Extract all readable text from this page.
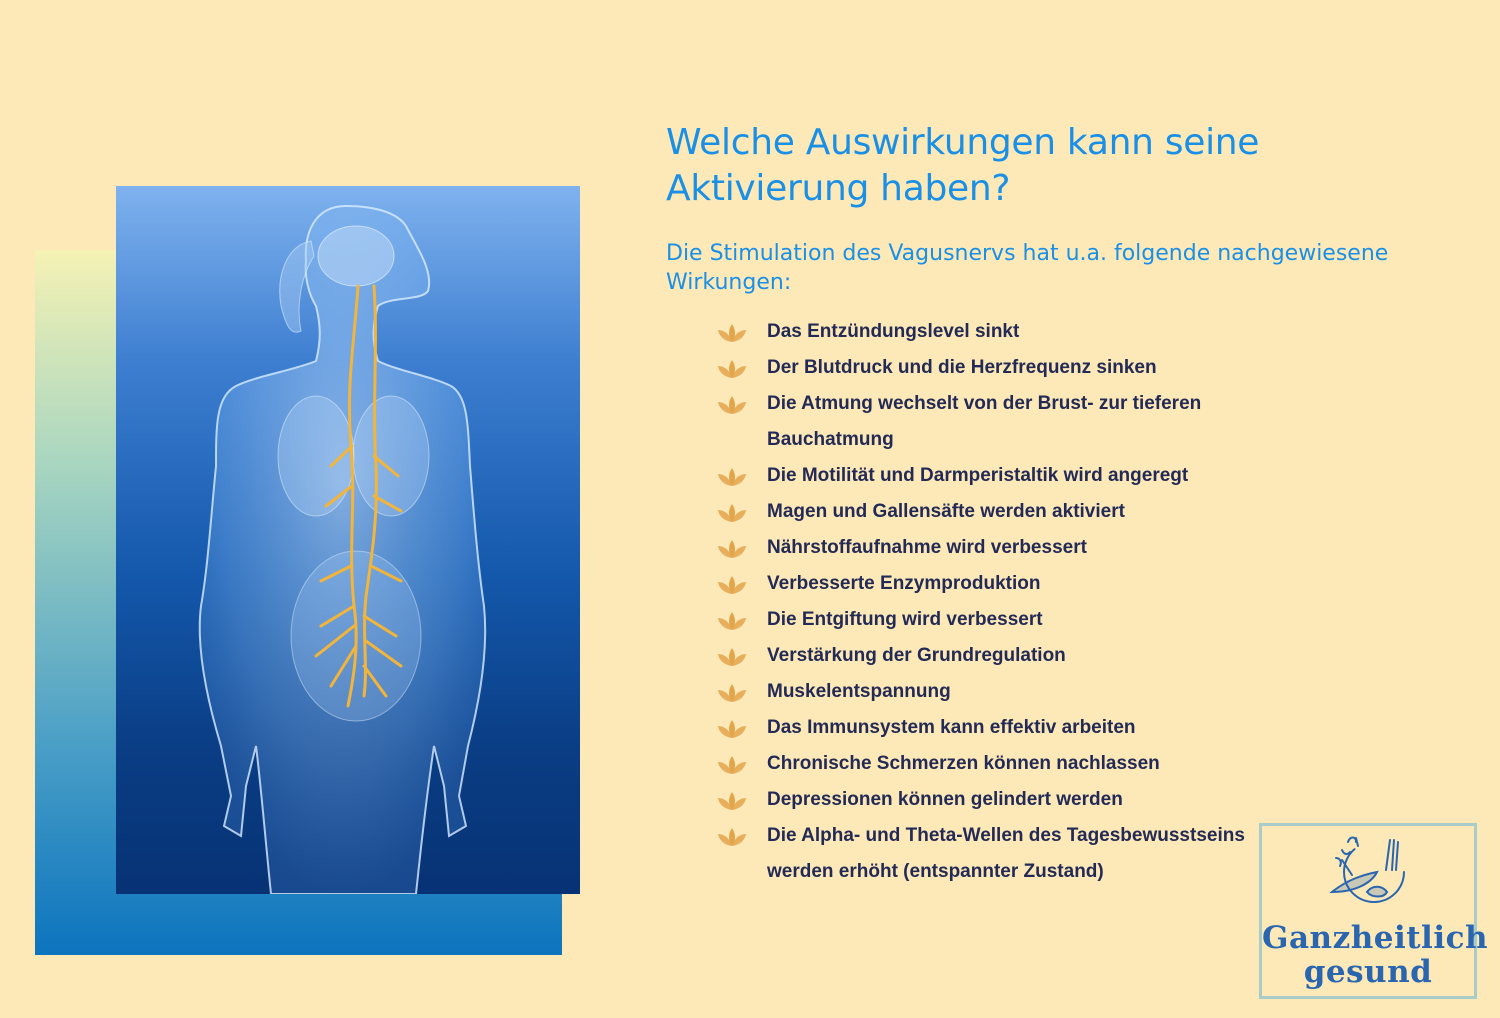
Welche Auswirkungen kann seine Aktivierung haben?

Die Stimulation des Vagusnervs hat u.a. folgende nachgewiesene Wirkungen:

Das Entzündungslevel sinkt
Der Blutdruck und die Herzfrequenz sinken
Die Atmung wechselt von der Brust- zur tieferen Bauchatmung
Die Motilität und Darmperistaltik wird angeregt
Magen und Gallensäfte werden aktiviert
Nährstoffaufnahme wird verbessert
Verbesserte Enzymproduktion
Die Entgiftung wird verbessert
Verstärkung der Grundregulation
Muskelentspannung
Das Immunsystem kann effektiv arbeiten
Chronische Schmerzen können nachlassen
Depressionen können gelindert werden
Die Alpha- und Theta-Wellen des Tagesbewusstseins werden erhöht (entspannter Zustand)
Ganzheitlich
gesund
